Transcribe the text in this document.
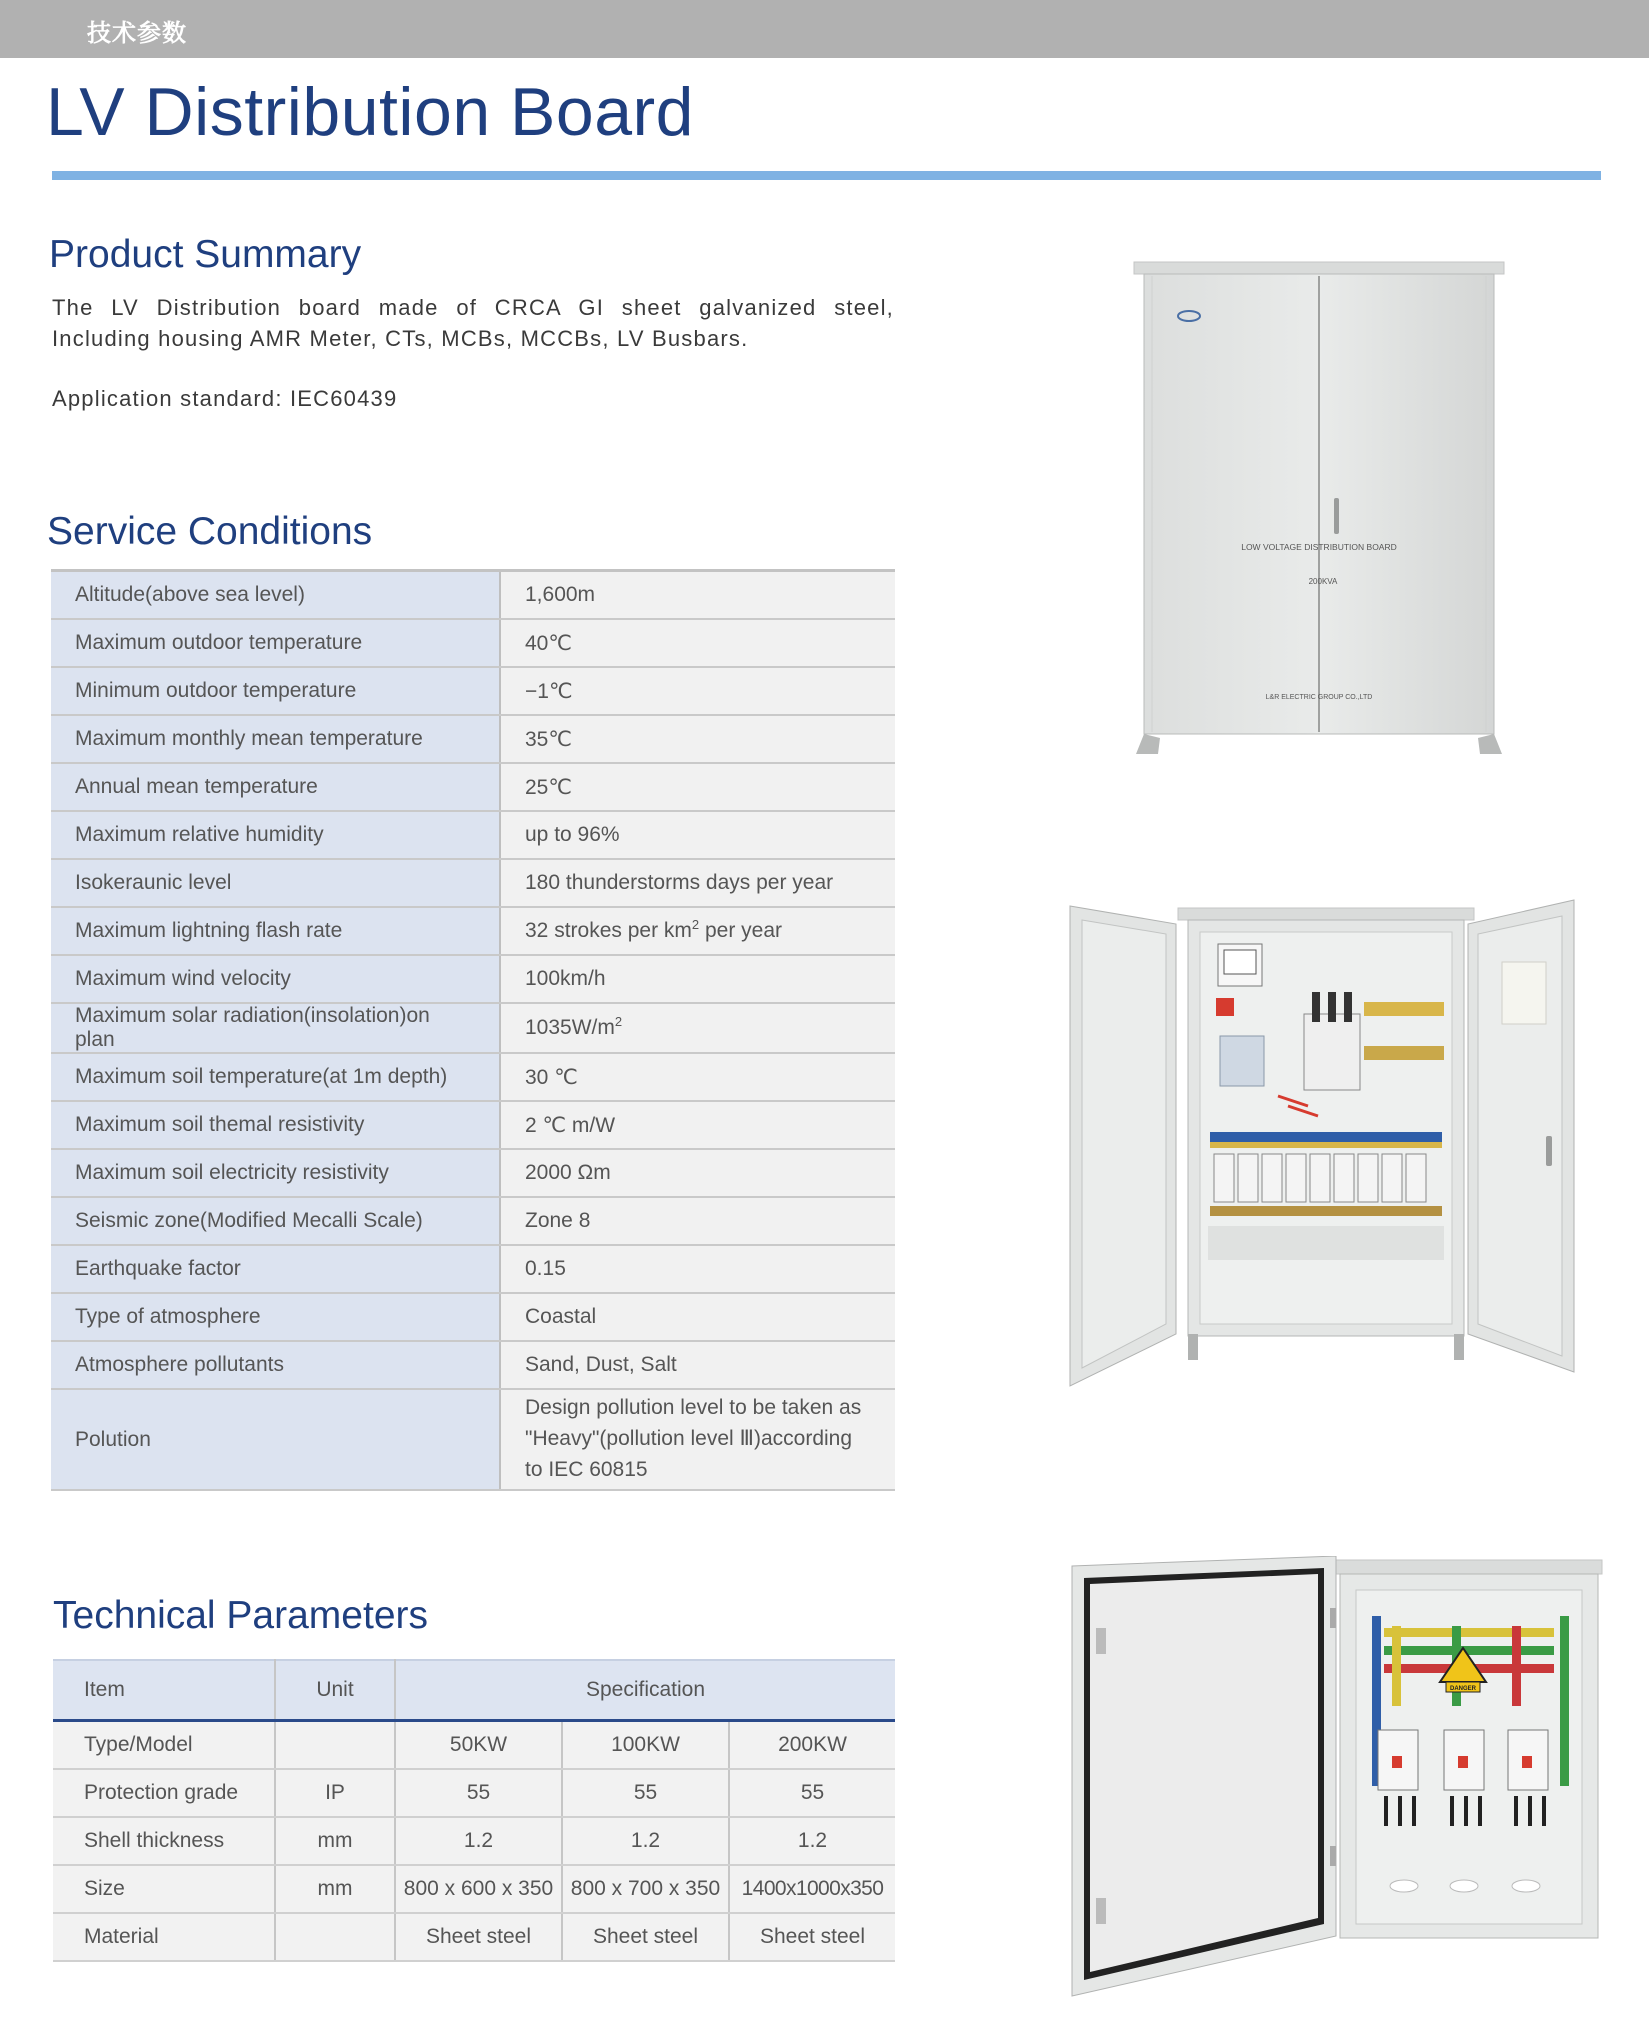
技术参数
LV Distribution Board
Product Summary

The LV Distribution board made of CRCA GI sheet galvanized steel, Including housing AMR Meter, CTs, MCBs, MCCBs, LV Busbars.

Application standard: IEC60439

Service Conditions
Altitude(above sea level)	1,600m
Maximum outdoor temperature	40℃
Minimum outdoor temperature	−1℃
Maximum monthly mean temperature	35℃
Annual mean temperature	25℃
Maximum relative humidity	up to 96%
Isokeraunic level	180 thunderstorms days per year
Maximum lightning flash rate	32 strokes per $km^2$ per year
Maximum wind velocity	100km/h
Maximum solar radiation(insolation)on plan	$1035W/m^2$
Maximum soil temperature(at 1m depth)	30 ℃
Maximum soil themal resistivity	2 ℃ m/W
Maximum soil electricity resistivity	2000 Ωm
Seismic zone(Modified Mecalli Scale)	Zone 8
Earthquake factor	0.15
Type of atmosphere	Coastal
Atmosphere pollutants	Sand, Dust, Salt
Polution	Design pollution level to be taken as
"Heavy"(pollution level Ⅲ)according
to IEC 60815
Technical Parameters
Item	Unit	Specification		
Type/Model		50KW	100KW	200KW
Protection grade	IP	55	55	55
Shell thickness	mm	1.2	1.2	1.2
Size	mm	800 x 600 x 350	800 x 700 x 350	1400x1000x350
Material		Sheet steel	Sheet steel	Sheet steel
LOW VOLTAGE DISTRIBUTION BOARD
200KVA
L&R ELECTRIC GROUP CO.,LTD
DANGER
